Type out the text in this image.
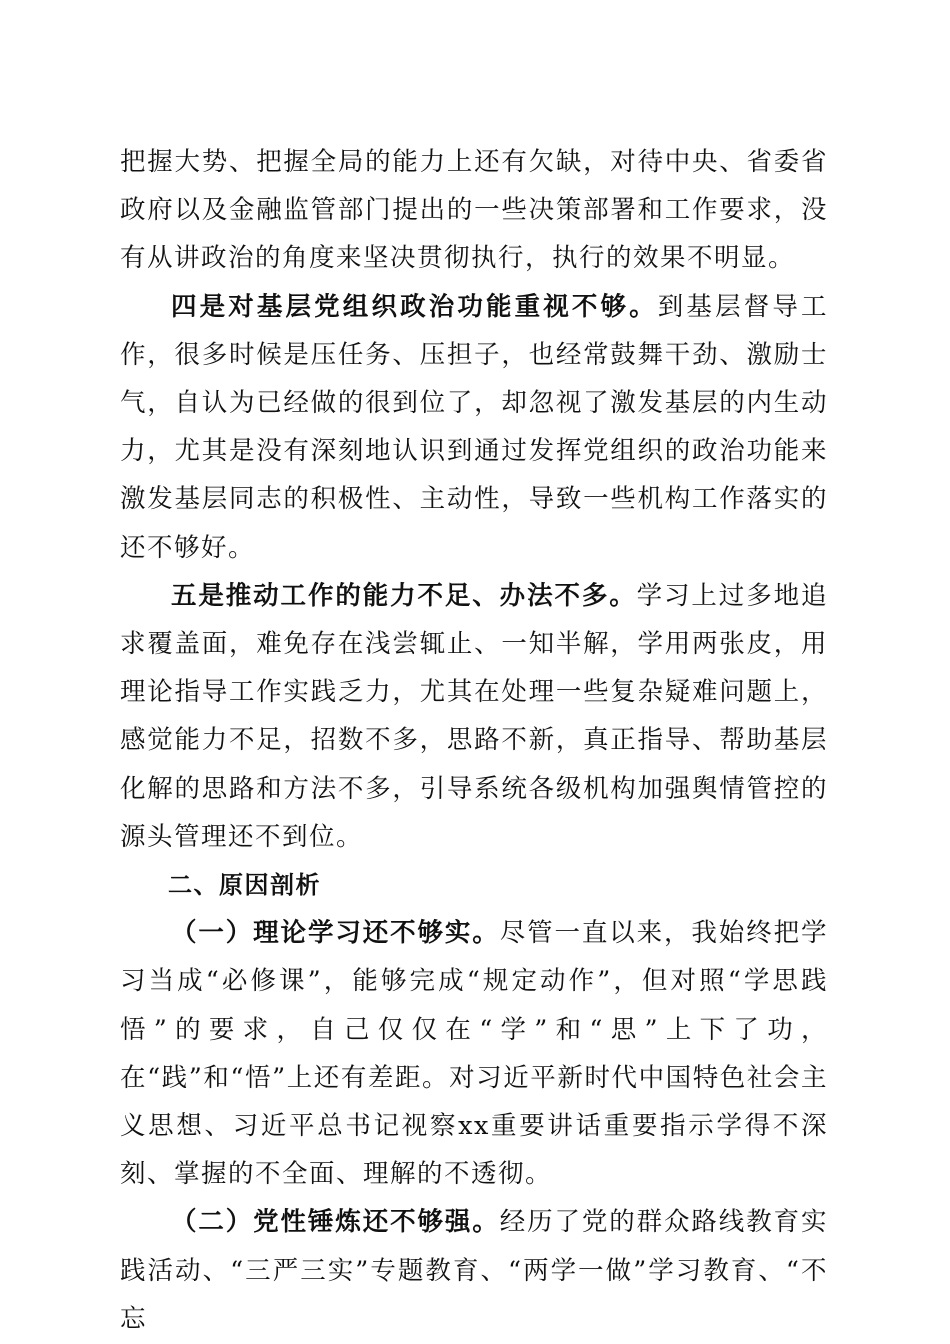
把握大势、把握全局的能力上还有欠缺，对待中央、省委省政府以及金融监管部门提出的一些决策部署和工作要求，没有从讲政治的角度来坚决贯彻执行，执行的效果不明显。

四是对基层党组织政治功能重视不够。到基层督导工作，很多时候是压任务、压担子，也经常鼓舞干劲、激励士气，自认为已经做的很到位了，却忽视了激发基层的内生动力，尤其是没有深刻地认识到通过发挥党组织的政治功能来激发基层同志的积极性、主动性，导致一些机构工作落实的还不够好。

五是推动工作的能力不足、办法不多。学习上过多地追求覆盖面，难免存在浅尝辄止、一知半解，学用两张皮，用理论指导工作实践乏力，尤其在处理一些复杂疑难问题上，感觉能力不足，招数不多，思路不新，真正指导、帮助基层化解的思路和方法不多，引导系统各级机构加强舆情管控的源头管理还不到位。

二、原因剖析

（一）理论学习还不够实。尽管一直以来，我始终把学习当成“必修课”，能够完成“规定动作”，但对照“学思践悟”的要求，自己仅仅在“学”和“思”上下了功，在“践”和“悟”上还有差距。对习近平新时代中国特色社会主义思想、习近平总书记视察xx重要讲话重要指示学得不深刻、掌握的不全面、理解的不透彻。

（二）党性锤炼还不够强。经历了党的群众路线教育实践活动、“三严三实”专题教育、“两学一做”学习教育、“不忘
